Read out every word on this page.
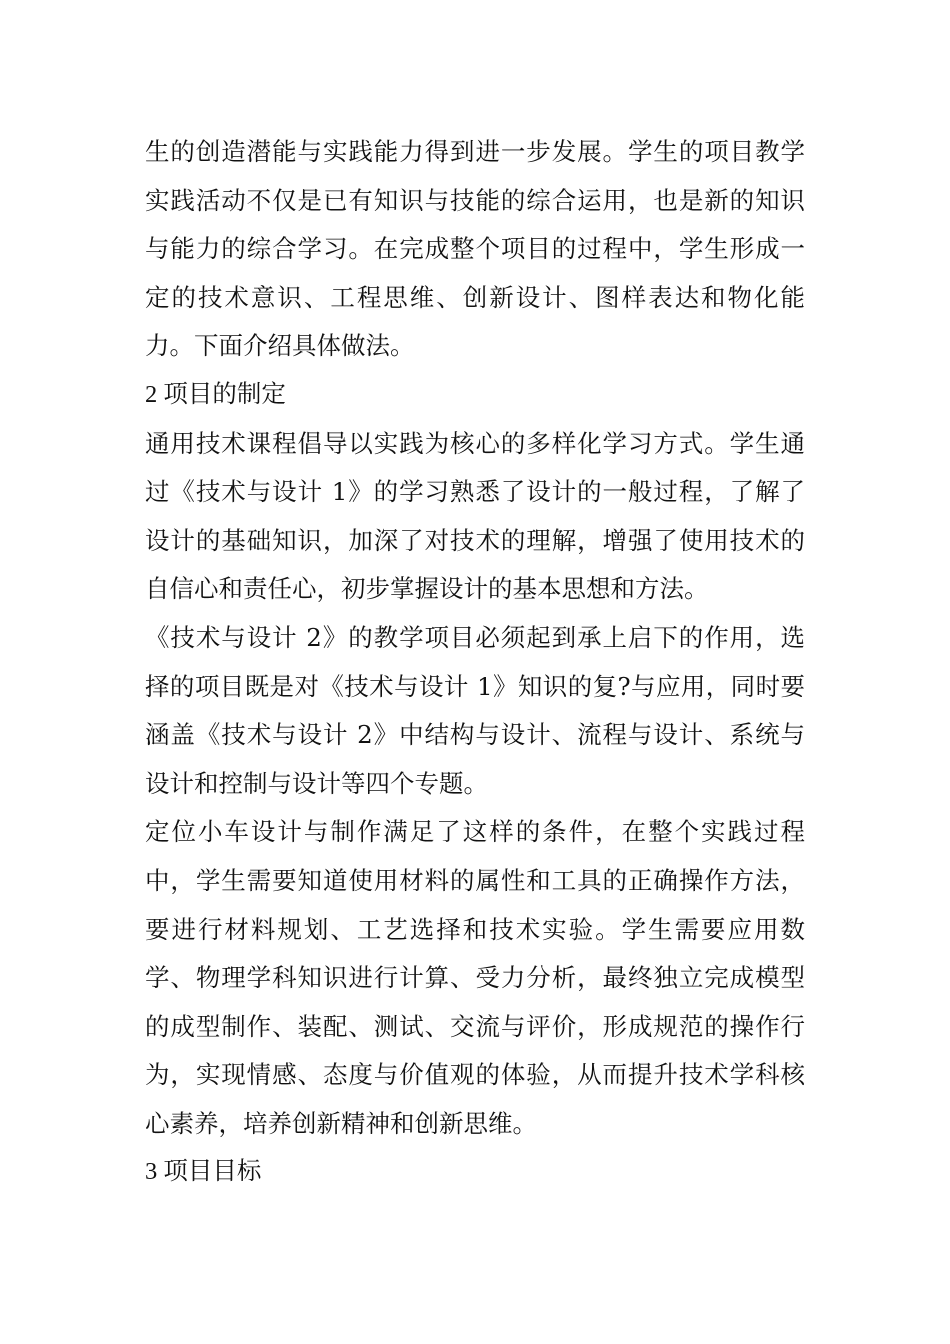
生的创造潜能与实践能力得到进一步发展。学生的项目教学实践活动不仅是已有知识与技能的综合运用，也是新的知识与能力的综合学习。在完成整个项目的过程中，学生形成一定的技术意识、工程思维、创新设计、图样表达和物化能力。下面介绍具体做法。

2 项目的制定

通用技术课程倡导以实践为核心的多样化学习方式。学生通过《技术与设计 1》的学习熟悉了设计的一般过程，了解了设计的基础知识，加深了对技术的理解，增强了使用技术的自信心和责任心，初步掌握设计的基本思想和方法。

《技术与设计 2》的教学项目必须起到承上启下的作用，选择的项目既是对《技术与设计 1》知识的复?与应用，同时要涵盖《技术与设计 2》中结构与设计、流程与设计、系统与设计和控制与设计等四个专题。

定位小车设计与制作满足了这样的条件，在整个实践过程中，学生需要知道使用材料的属性和工具的正确操作方法，要进行材料规划、工艺选择和技术实验。学生需要应用数学、物理学科知识进行计算、受力分析，最终独立完成模型的成型制作、装配、测试、交流与评价，形成规范的操作行为，实现情感、态度与价值观的体验，从而提升技术学科核心素养，培养创新精神和创新思维。

3 项目目标
